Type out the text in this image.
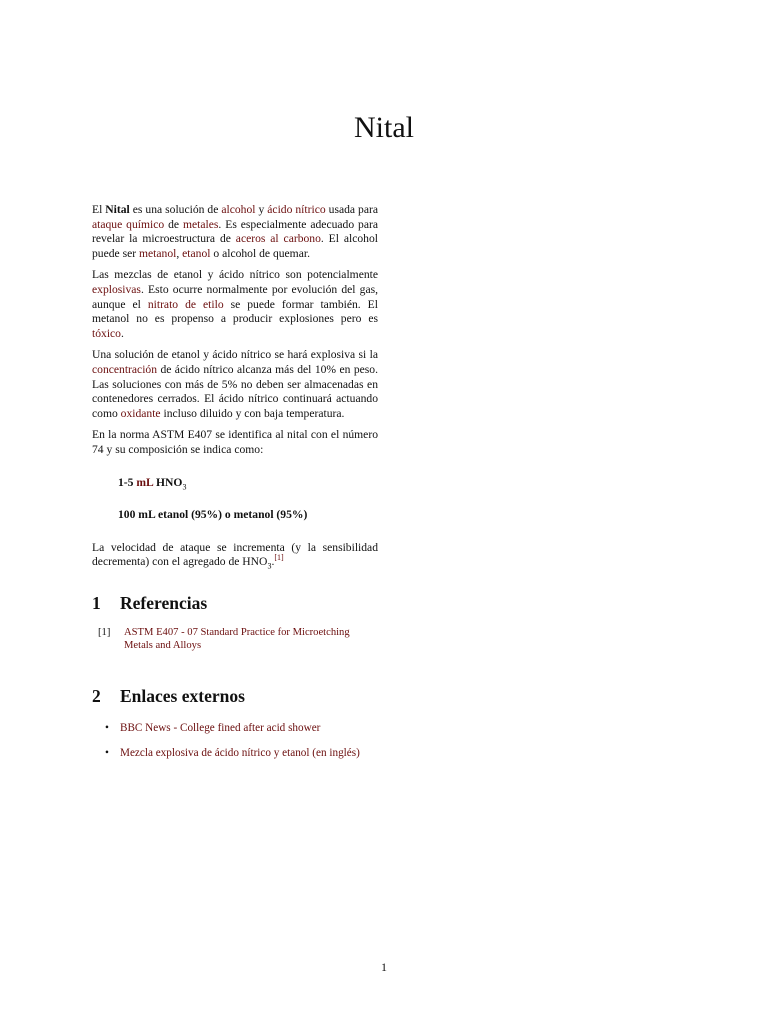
Nital

El Nital es una solución de alcohol y ácido nítrico usada para ataque químico de metales. Es especialmente adecuado para revelar la microestructura de aceros al carbono. El alcohol puede ser metanol, etanol o alcohol de quemar.

Las mezclas de etanol y ácido nítrico son potencialmente explosivas. Esto ocurre normalmente por evolución del gas, aunque el nitrato de etilo se puede formar también. El metanol no es propenso a producir explosiones pero es tóxico.

Una solución de etanol y ácido nítrico se hará explosiva si la concentración de ácido nítrico alcanza más del 10% en peso. Las soluciones con más de 5% no deben ser almacenadas en contenedores cerrados. El ácido nítrico continuará actuando como oxidante incluso diluido y con baja temperatura.

En la norma ASTM E407 se identifica al nital con el número 74 y su composición se indica como:

1-5 mL $HNO_3$
100 mL etanol (95%) o metanol (95%)

La velocidad de ataque se incrementa (y la sensibilidad decrementa) con el agregado de $HNO_3.[1]$

1 Referencias
[1]	ASTM E407 - 07 Standard Practice for Microetching Metals and Alloys
2 Enlaces externos
• BBC News - College fined after acid shower
• Mezcla explosiva de ácido nítrico y etanol (en inglés)
1
